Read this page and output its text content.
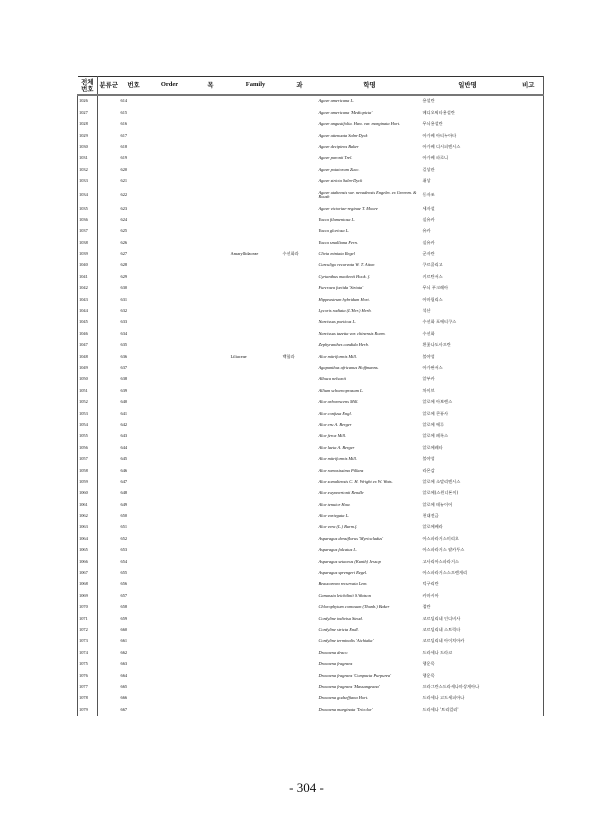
전체 번호	분류군	번호	Order	목	Family	과	학명	일반명	비고
1026		614					Agave americana L.	용설란	
1027		615					Agave americana 'Mediopicta'	메디오픽타용설란	
1028		616					Agave angustifolia. Haw. var. marginata Hort.	무늬용설란	
1029		617					Agave attenuata Salm-Dyck	아가베 아티누아타	
1030		618					Agave decipiens Baker	아가베 디시피엔시스	
1031		619					Agave paronii Trel.	아가베 파로니	
1032		620					Agave potatorum Zucc.	길상관	
1033		621					Agave stricta Salm-Dyck	취상	
1034		622					Agave utahensis var. nevadensis Engelm. ex Greenm. & Roush	동자조	
1035		623					Agave victoriae-reginae T. Moore	세자설	
1036		624					Yucca filamentosa L.	실유카	
1037		625					Yucca gloriosa L.	유카	
1038		626					Yucca smalliana Fern.	실유카	
1039		627			Amaryllidaceae	수선화과	Clivia miniata Regel	군자란	
1040		628					Curculigo recurvata W. T. Aiton	쿠르쿨리고	
1041		629					Cyrtanthus mackenii Hook. f.	키르탄서스	
1042		630					Furcraea foetida 'Striata'	무늬 푸크레아	
1043		631					Hippeastrum hybridum Hort.	아마릴리스	
1044		632					Lycoris radiata (L'Her.) Herb.	석산	
1045		633					Narcissus poeticus L.	수선화 포에티쿠스	
1046		634					Narcissus tazetta var. chinensis Roem.	수선화	
1047		635					Zephyranthes candida Herb.	흰꽃나도사프란	
1048		636			Liliaceae	백합과	Aloe mitriformis Mill.	불야성	
1049		637					Agapanthus africanus Hoffmanns.	아가판서스	
1050		638					Albuca nelsonii	알부카	
1051		639					Allium schoenoprasum L.	차이브	
1052		640					Aloe arborescens Mill.	알로에 아보렌스	
1053		641					Aloe confusa Engl.	알로에 콘퓨사	
1054		642					Aloe eru A. Berger	알로에 에루	
1055		643					Aloe ferox Mill.	알로에 페록스	
1056		644					Aloe laeta A. Berger	알로에레타	
1057		645					Aloe mitriformis Mill.	불야성	
1058		646					Aloe ramosissima Pillans	라몬감	
1059		647					Aloe somaliensis C. H. Wright ex W. Wats.	알로에 소말리엔시스	
1060		648					Aloe swynnertonii Rendle	알로에(스윈너톤이)	
1061		649					Aloe tenuior Haw.	알로에 테뉴이어	
1062		650					Aloe variegata L.	천대전금	
1063		651					Aloe vera (L.) Burm.f.	알로에베라	
1064		652					Asparagus densiflorus 'Myriocladus'	아스파라거스미리오	
1065		653					Asparagus falcatus L.	아스파라거스 팔카투스	
1066		654					Asparagus setaceus (Kunth) Jessop	고사리아스파라거스	
1067		655					Asparagus sprengeri Regel.	아스파라거스스프렌게리	
1068		656					Beaucarnea recurvata Lem.	덕구리란	
1069		657					Camassia leichtlinii S.Watson	카마시아	
1070		658					Chlorophytum comosum (Thunb.) Baker	접란	
1071		659					Cordyline indivisa Steud.	코르딜리네 인디비사	
1072		660					Cordyline stricta Endl.	코르딜리네 스트릭타	
1073		661					Cordyline terminalis 'Aichiaka'	코르딜리네 아이치아카	
1074		662					Dracaena draco	드라세나 드라코	
1075		663					Dracaena fragrans	행운목	
1076		664					Dracaena fragrans 'Compacta Purpurea'	행운목	
1077		665					Dracaena fragrans 'Massangeana'	프라그란스드라세나마상게아나	
1078		666					Dracaena godseffiana Hort.	드라세나 고드세피아나	
1079		667					Dracaena marginata 'Tricolor'	드라세나 '트리컬러'	
- 304 -
